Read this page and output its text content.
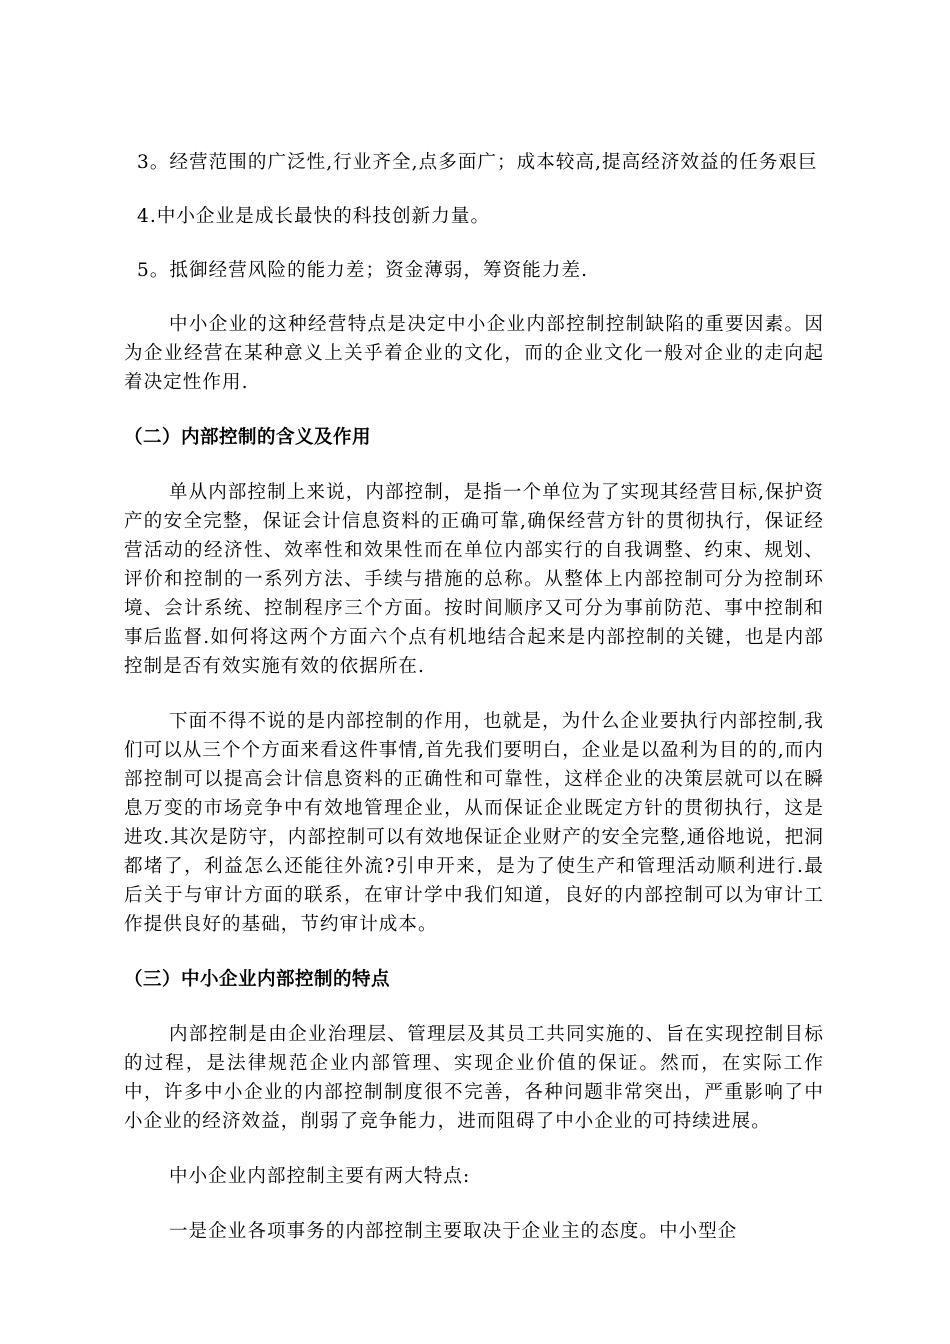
3。经营范围的广泛性,行业齐全,点多面广；成本较高,提高经济效益的任务艰巨

4.中小企业是成长最快的科技创新力量。

5。抵御经营风险的能力差；资金薄弱，筹资能力差.

中小企业的这种经营特点是决定中小企业内部控制控制缺陷的重要因素。因为企业经营在某种意义上关乎着企业的文化，而的企业文化一般对企业的走向起着决定性作用.

（二）内部控制的含义及作用

单从内部控制上来说，内部控制，是指一个单位为了实现其经营目标,保护资产的安全完整，保证会计信息资料的正确可靠,确保经营方针的贯彻执行，保证经营活动的经济性、效率性和效果性而在单位内部实行的自我调整、约束、规划、评价和控制的一系列方法、手续与措施的总称。从整体上内部控制可分为控制环境、会计系统、控制程序三个方面。按时间顺序又可分为事前防范、事中控制和事后监督.如何将这两个方面六个点有机地结合起来是内部控制的关键，也是内部控制是否有效实施有效的依据所在.

下面不得不说的是内部控制的作用，也就是，为什么企业要执行内部控制,我们可以从三个个方面来看这件事情,首先我们要明白，企业是以盈利为目的的,而内部控制可以提高会计信息资料的正确性和可靠性，这样企业的决策层就可以在瞬息万变的市场竞争中有效地管理企业，从而保证企业既定方针的贯彻执行，这是进攻.其次是防守，内部控制可以有效地保证企业财产的安全完整,通俗地说，把洞都堵了，利益怎么还能往外流?引申开来，是为了使生产和管理活动顺利进行.最后关于与审计方面的联系，在审计学中我们知道，良好的内部控制可以为审计工作提供良好的基础，节约审计成本。

（三）中小企业内部控制的特点

内部控制是由企业治理层、管理层及其员工共同实施的、旨在实现控制目标的过程，是法律规范企业内部管理、实现企业价值的保证。然而，在实际工作中，许多中小企业的内部控制制度很不完善，各种问题非常突出，严重影响了中小企业的经济效益，削弱了竞争能力，进而阻碍了中小企业的可持续进展。

中小企业内部控制主要有两大特点:

一是企业各项事务的内部控制主要取决于企业主的态度。中小型企
